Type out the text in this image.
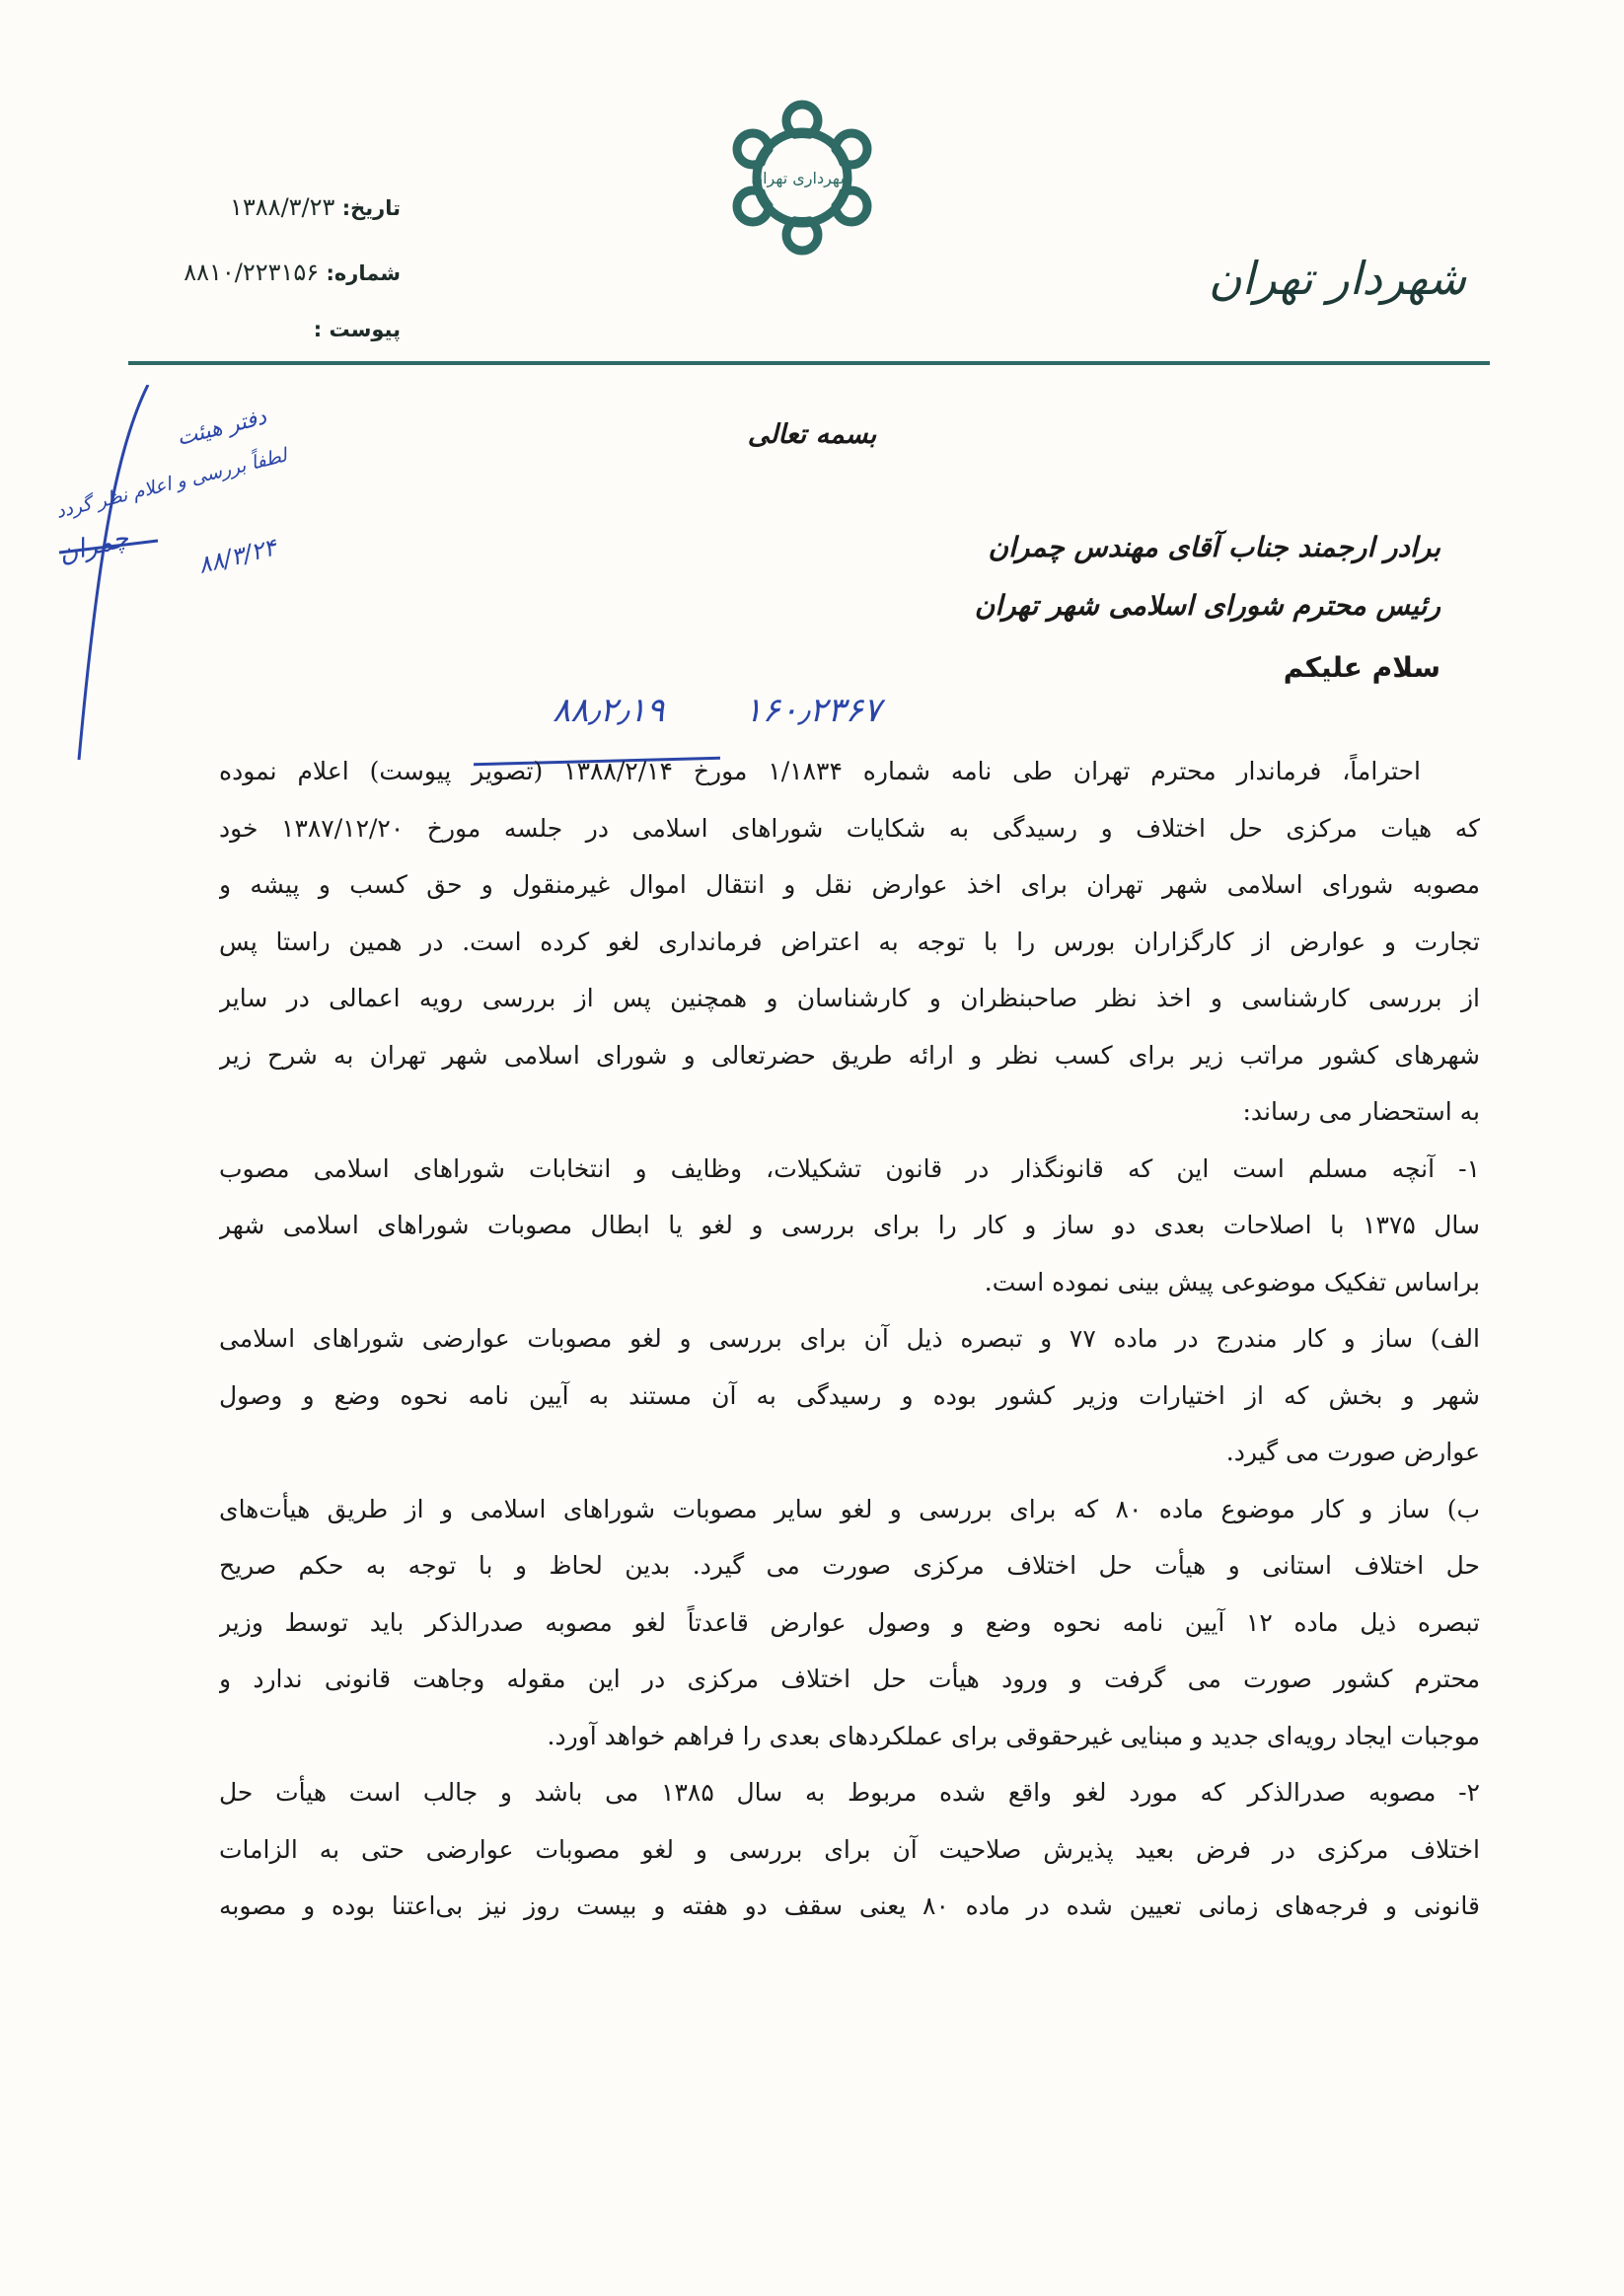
شهرداری تهران
تاریخ: ۱۳۸۸/۳/۲۳
شماره: ۸۸۱۰/۲۲۳۱۵۶
پیوست :
شهردار تهران
بسمه تعالی
برادر ارجمند جناب آقای مهندس چمران
رئیس محترم شورای اسلامی شهر تهران
سلام علیکم
۸۸٫۲٫۱۹ ۱۶۰٫۲۳۶۷
دفتر هیئت
لطفاً بررسی و اعلام نظر گردد
چمران	۸۸/۳/۲۴
احتراماً، فرماندار محترم تهران طی نامه شماره ۱/۱۸۳۴ مورخ ۱۳۸۸/۲/۱۴ (تصویر پیوست) اعلام نموده
که هیات مرکزی حل اختلاف و رسیدگی به شکایات شوراهای اسلامی در جلسه مورخ ۱۳۸۷/۱۲/۲۰ خود
مصوبه شورای اسلامی شهر تهران برای اخذ عوارض نقل و انتقال اموال غیرمنقول و حق کسب و پیشه و
تجارت و عوارض از کارگزاران بورس را با توجه به اعتراض فرمانداری لغو کرده است. در همین راستا پس
از بررسی کارشناسی و اخذ نظر صاحبنظران و کارشناسان و همچنین پس از بررسی رویه اعمالی در سایر
شهرهای کشور مراتب زیر برای کسب نظر و ارائه طریق حضرتعالی و شورای اسلامی شهر تهران به شرح زیر
به استحضار می رساند:
۱- آنچه مسلم است این که قانونگذار در قانون تشکیلات، وظایف و انتخابات شوراهای اسلامی مصوب
سال ۱۳۷۵ با اصلاحات بعدی دو ساز و کار را برای بررسی و لغو یا ابطال مصوبات شوراهای اسلامی شهر
براساس تفکیک موضوعی پیش بینی نموده است.
الف) ساز و کار مندرج در ماده ۷۷ و تبصره ذیل آن برای بررسی و لغو مصوبات عوارضی شوراهای اسلامی
شهر و بخش که از اختیارات وزیر کشور بوده و رسیدگی به آن مستند به آیین نامه نحوه وضع و وصول
عوارض صورت می گیرد.
ب) ساز و کار موضوع ماده ۸۰ که برای بررسی و لغو سایر مصوبات شوراهای اسلامی و از طریق هیأت‌های
حل اختلاف استانی و هیأت حل اختلاف مرکزی صورت می گیرد. بدین لحاظ و با توجه به حکم صریح
تبصره ذیل ماده ۱۲ آیین نامه نحوه وضع و وصول عوارض قاعدتاً لغو مصوبه صدرالذکر باید توسط وزیر
محترم کشور صورت می گرفت و ورود هیأت حل اختلاف مرکزی در این مقوله وجاهت قانونی ندارد و
موجبات ایجاد رویه‌ای جدید و مبنایی غیرحقوقی برای عملکردهای بعدی را فراهم خواهد آورد.
۲- مصوبه صدرالذکر که مورد لغو واقع شده مربوط به سال ۱۳۸۵ می باشد و جالب است هیأت حل
اختلاف مرکزی در فرض بعید پذیرش صلاحیت آن برای بررسی و لغو مصوبات عوارضی حتی به الزامات
قانونی و فرجه‌های زمانی تعیین شده در ماده ۸۰ یعنی سقف دو هفته و بیست روز نیز بی‌اعتنا بوده و مصوبه
